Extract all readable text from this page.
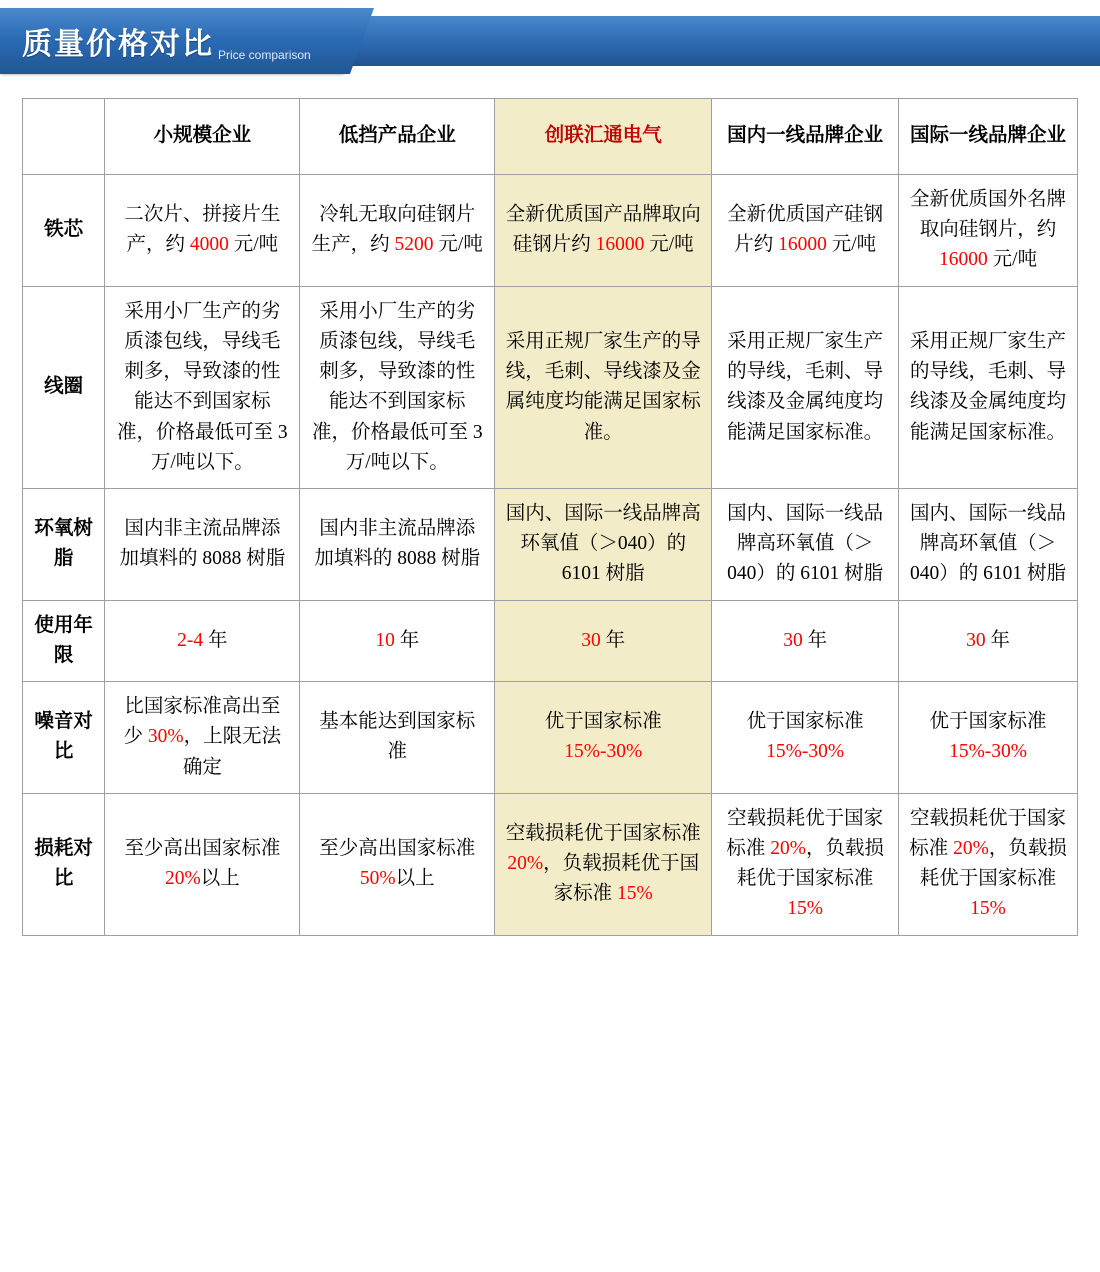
质量价格对比 Price comparison
	小规模企业	低挡产品企业	创联汇通电气	国内一线品牌企业	国际一线品牌企业
铁芯	二次片、拼接片生产，约 4000 元/吨	冷轧无取向硅钢片生产，约 5200 元/吨	全新优质国产品牌取向硅钢片约 16000 元/吨	全新优质国产硅钢片约 16000 元/吨	全新优质国外名牌取向硅钢片，约 16000 元/吨
线圈	采用小厂生产的劣质漆包线，导线毛刺多，导致漆的性能达不到国家标准，价格最低可至 3 万/吨以下。	采用小厂生产的劣质漆包线，导线毛刺多，导致漆的性能达不到国家标准，价格最低可至 3 万/吨以下。	采用正规厂家生产的导线，毛刺、导线漆及金属纯度均能满足国家标准。	采用正规厂家生产的导线，毛刺、导线漆及金属纯度均能满足国家标准。	采用正规厂家生产的导线，毛刺、导线漆及金属纯度均能满足国家标准。
环氧树脂	国内非主流品牌添加填料的 8088 树脂	国内非主流品牌添加填料的 8088 树脂	国内、国际一线品牌高环氧值（＞040）的 6101 树脂	国内、国际一线品牌高环氧值（＞040）的 6101 树脂	国内、国际一线品牌高环氧值（＞040）的 6101 树脂
使用年限	2-4 年	10 年	30 年	30 年	30 年
噪音对比	比国家标准高出至少 30%，上限无法确定	基本能达到国家标准	优于国家标准 15%-30%	优于国家标准 15%-30%	优于国家标准 15%-30%
损耗对比	至少高出国家标准 20%以上	至少高出国家标准 50%以上	空载损耗优于国家标准 20%，负载损耗优于国家标准 15%	空载损耗优于国家标准 20%，负载损耗优于国家标准 15%	空载损耗优于国家标准 20%，负载损耗优于国家标准 15%
